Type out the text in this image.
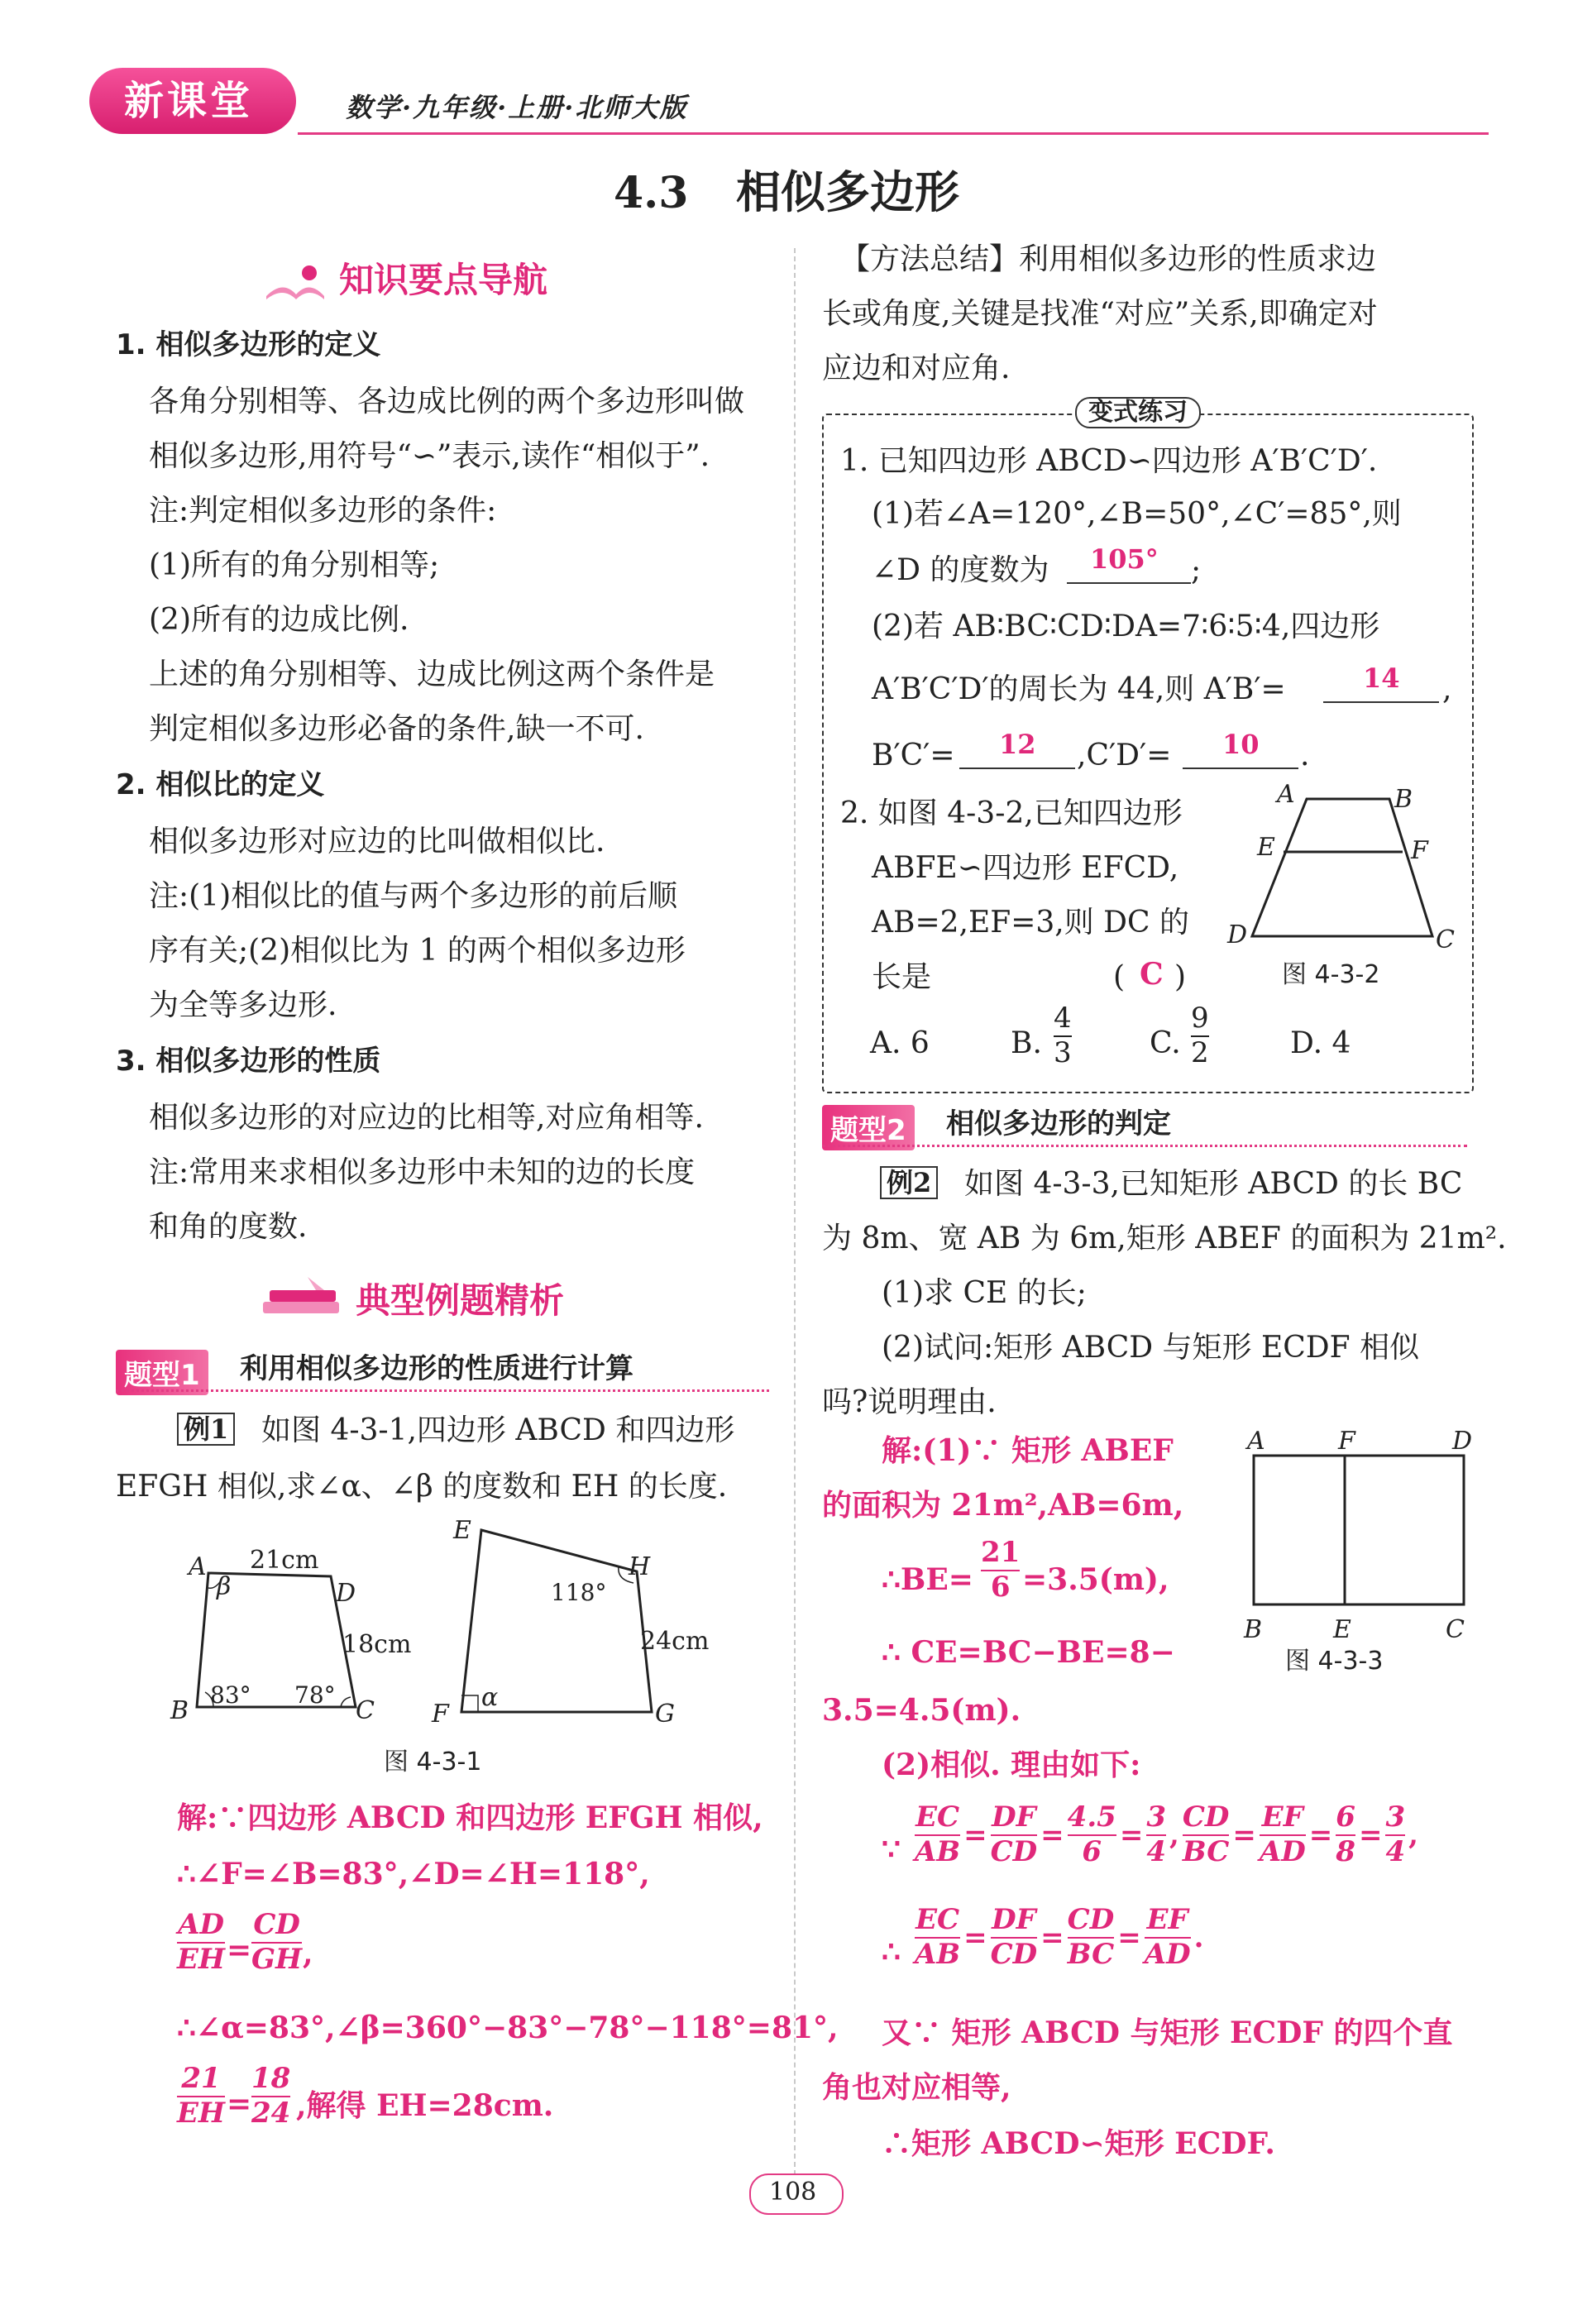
新课堂	数学·九年级·上册·北师大版
4.3 相似多边形
知识要点导航
1. 相似多边形的定义
各角分别相等、各边成比例的两个多边形叫做
相似多边形,用符号“∽”表示,读作“相似于”.
注:判定相似多边形的条件:
(1)所有的角分别相等;
(2)所有的边成比例.
上述的角分别相等、边成比例这两个条件是
判定相似多边形必备的条件,缺一不可.
2. 相似比的定义
相似多边形对应边的比叫做相似比.
注:(1)相似比的值与两个多边形的前后顺
序有关;(2)相似比为 1 的两个相似多边形
为全等多边形.
3. 相似多边形的性质
相似多边形的对应边的比相等,对应角相等.
注:常用来求相似多边形中未知的边的长度
和角的度数.
典型例题精析
题型1 利用相似多边形的性质进行计算
例1 如图 4-3-1,四边形 ABCD 和四边形
EFGH 相似,求∠α、∠β 的度数和 EH 的长度.
A
B	C
D
21cm
18cm
β
83° 78°
E
H
F	G
118°
24cm
α
图 4-3-1
解:∵四边形 ABCD 和四边形 EFGH 相似,
∴∠F=∠B=83°,∠D=∠H=118°,
AD
EH =
CD
GH ,
∴∠α=83°,∠β=360°−83°−78°−118°=81°,
21
EH =
18
24 ,解得 EH=28cm.
【方法总结】利用相似多边形的性质求边
长或角度,关键是找准“对应”关系,即确定对
应边和对应角.
变式练习
1. 已知四边形 ABCD∽四边形 A′B′C′D′.
(1)若∠A=120°,∠B=50°,∠C′=85°,则
∠D 的度数为 105° ;
(2)若 AB∶BC∶CD∶DA=7∶6∶5∶4,四边形
A′B′C′D′的周长为 44,则 A′B′=	14 ,
B′C′= 12 ,C′D′= 10 .
2. 如图 4-3-2,已知四边形
ABFE∽四边形 EFCD,
AB=2,EF=3,则 DC 的
长是	( C )
A	B
E	F
D	C
图 4-3-2
A. 6	B.
4
3	C.
9
2	D. 4
题型2 相似多边形的判定
例2 如图 4-3-3,已知矩形 ABCD 的长 BC
为 8m、宽 AB 为 6m,矩形 ABEF 的面积为 21m².
(1)求 CE 的长;
(2)试问:矩形 ABCD 与矩形 ECDF 相似
吗?说明理由.
A	F	D
B	E	C
图 4-3-3
解:(1)∵ 矩形 ABEF
的面积为 21m²,AB=6m,
∴BE=
21
6 =3.5(m),
∴ CE=BC−BE=8−
3.5=4.5(m).
(2)相似. 理由如下:
∵ $\frac{EC}{AB} = \frac{DF}{CD} = \frac{4.5}{6} = \frac{3}{4}$ , $\frac{CD}{BC} = \frac{EF}{AD} = \frac{6}{8} = \frac{3}{4}$ ,
∴ $\frac{EC}{AB} = \frac{DF}{CD} = \frac{CD}{BC} = \frac{EF}{AD}$ .
又∵ 矩形 ABCD 与矩形 ECDF 的四个直
角也对应相等,
∴矩形 ABCD∽矩形 ECDF.
108
